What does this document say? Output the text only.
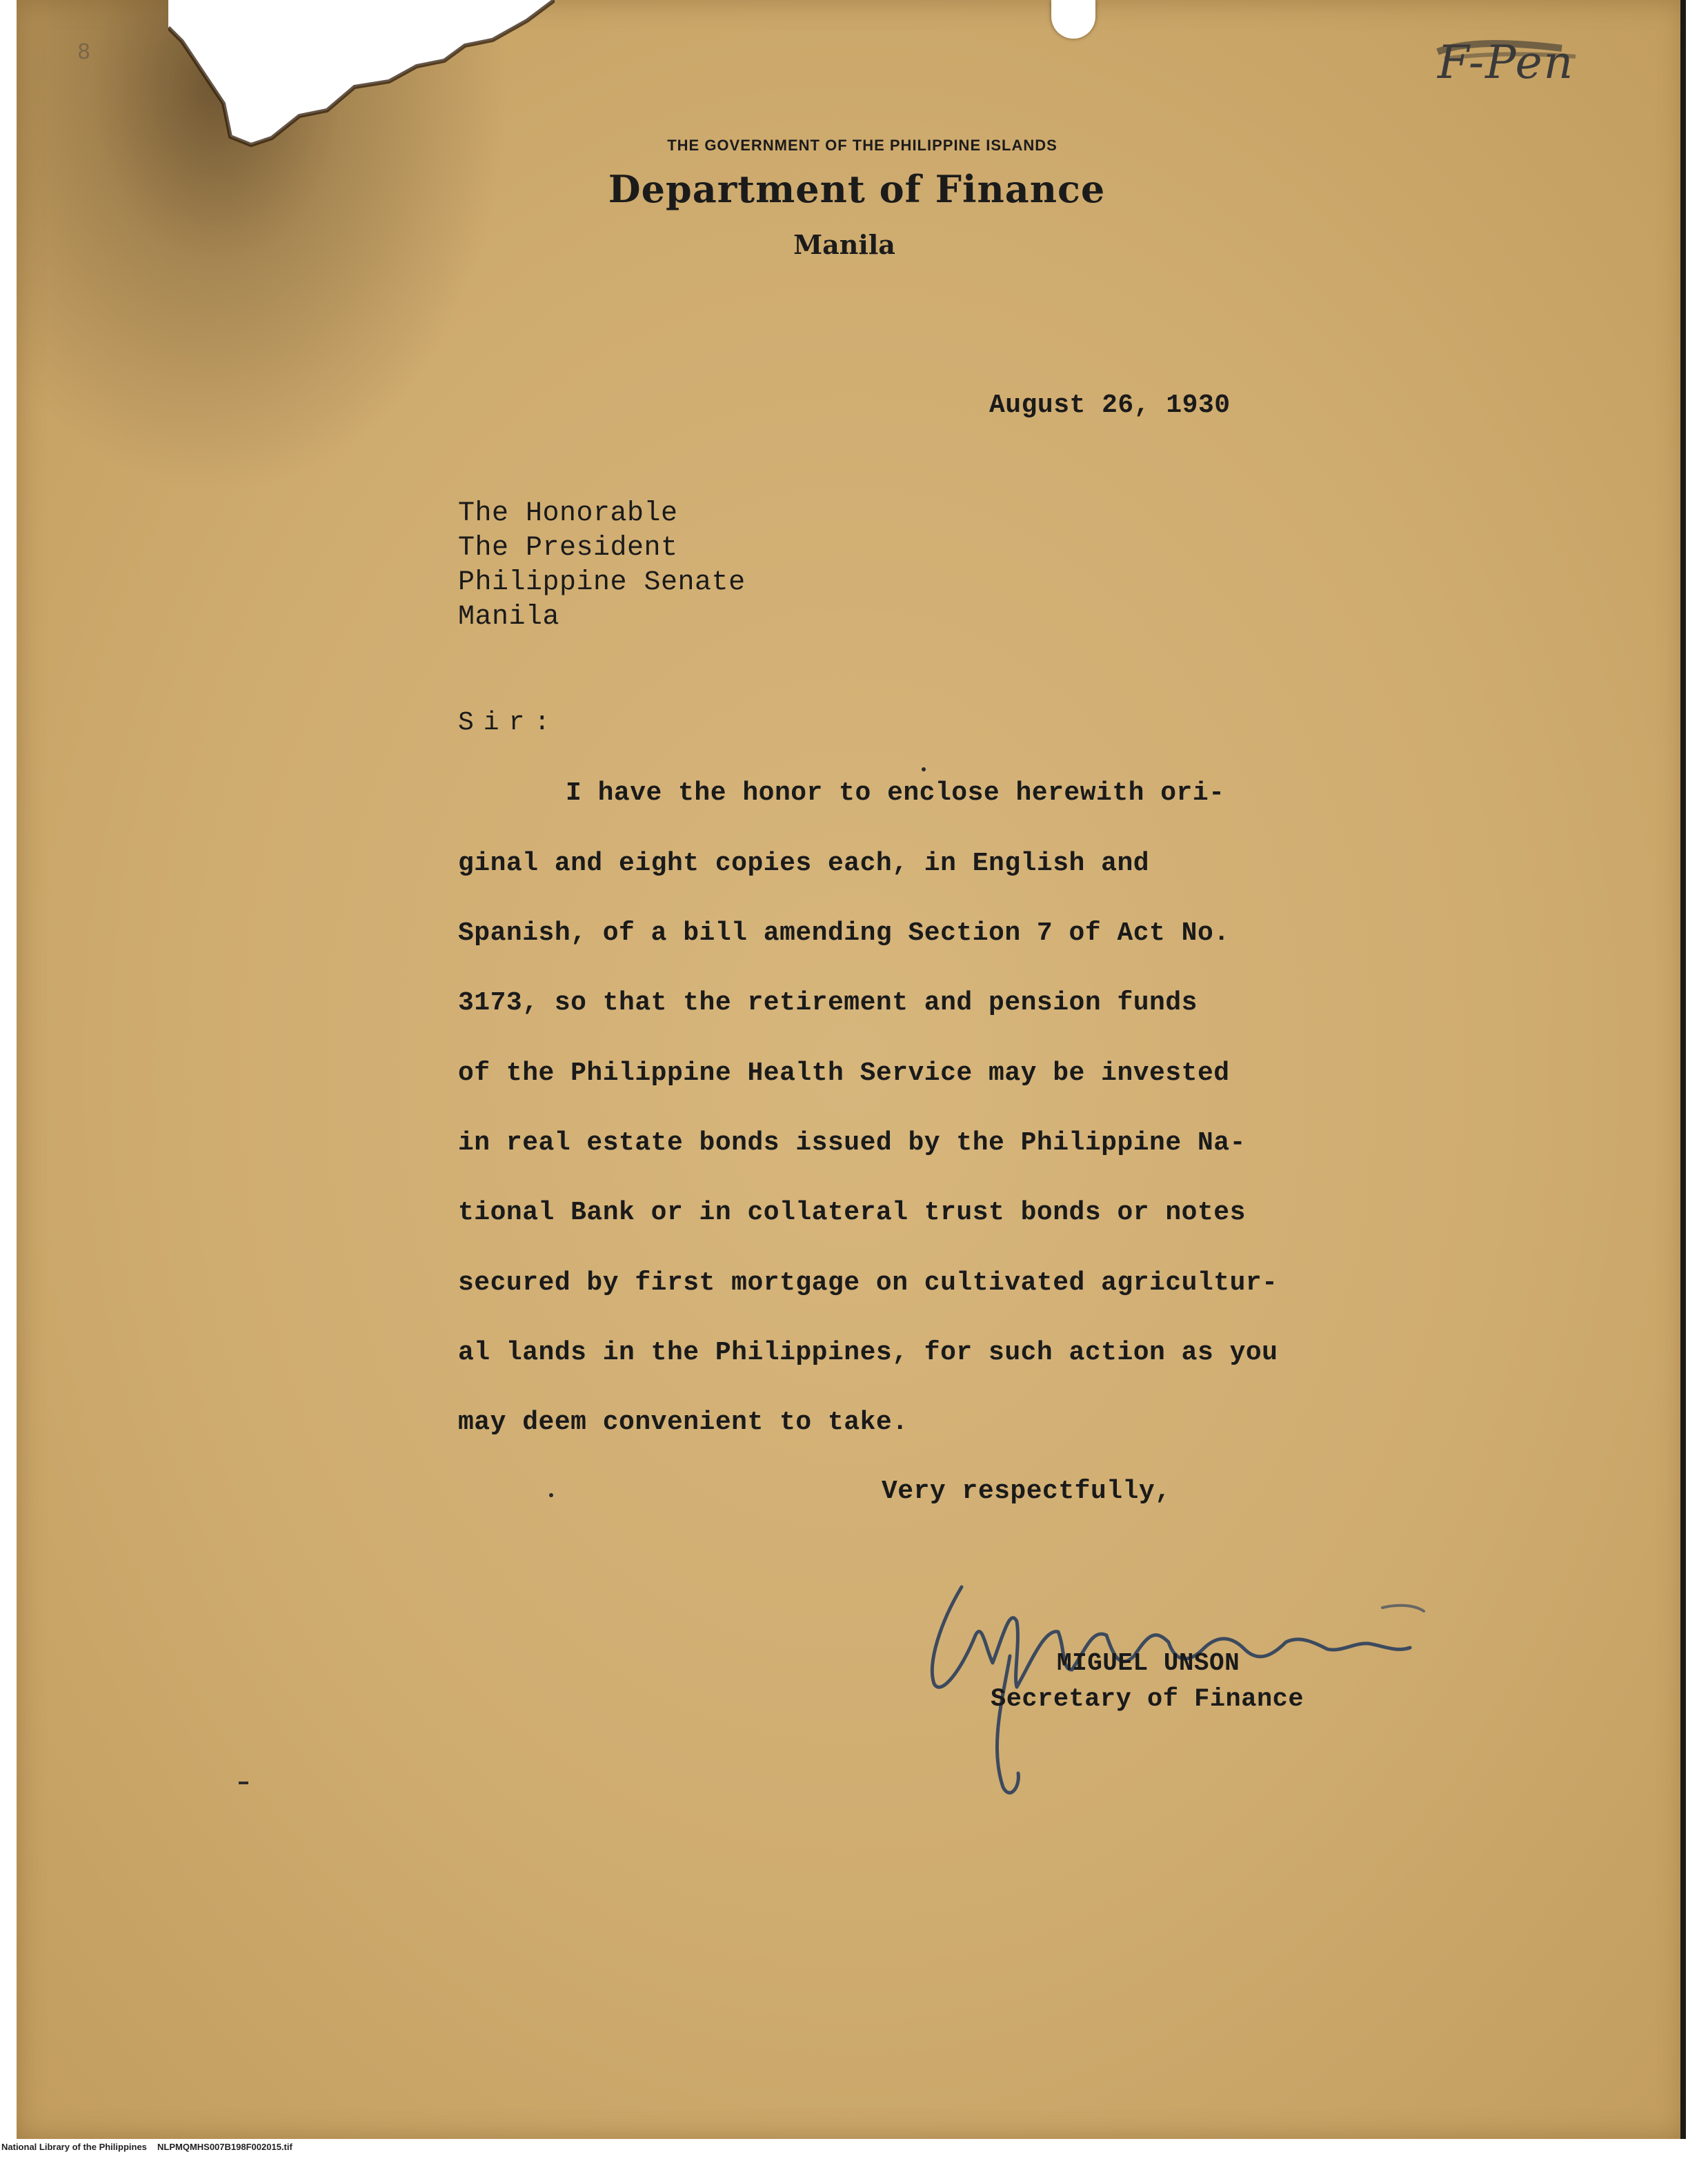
8	F-Pen
THE GOVERNMENT OF THE PHILIPPINE ISLANDS
Department of Finance
Manila
August 26, 1930
The Honorable
The President
Philippine Senate
Manila
Sir:
I have the honor to enclose herewith ori-
ginal and eight copies each, in English and
Spanish, of a bill amending Section 7 of Act No.
3173, so that the retirement and pension funds
of the Philippine Health Service may be invested
in real estate bonds issued by the Philippine Na-
tional Bank or in collateral trust bonds or notes
secured by first mortgage on cultivated agricultur-
al lands in the Philippines, for such action as you
may deem convenient to take.
Very respectfully,
MIGUEL UNSON
Secretary of Finance

National Library of the Philippines

NLPMQMHS007B198F002015.tif
